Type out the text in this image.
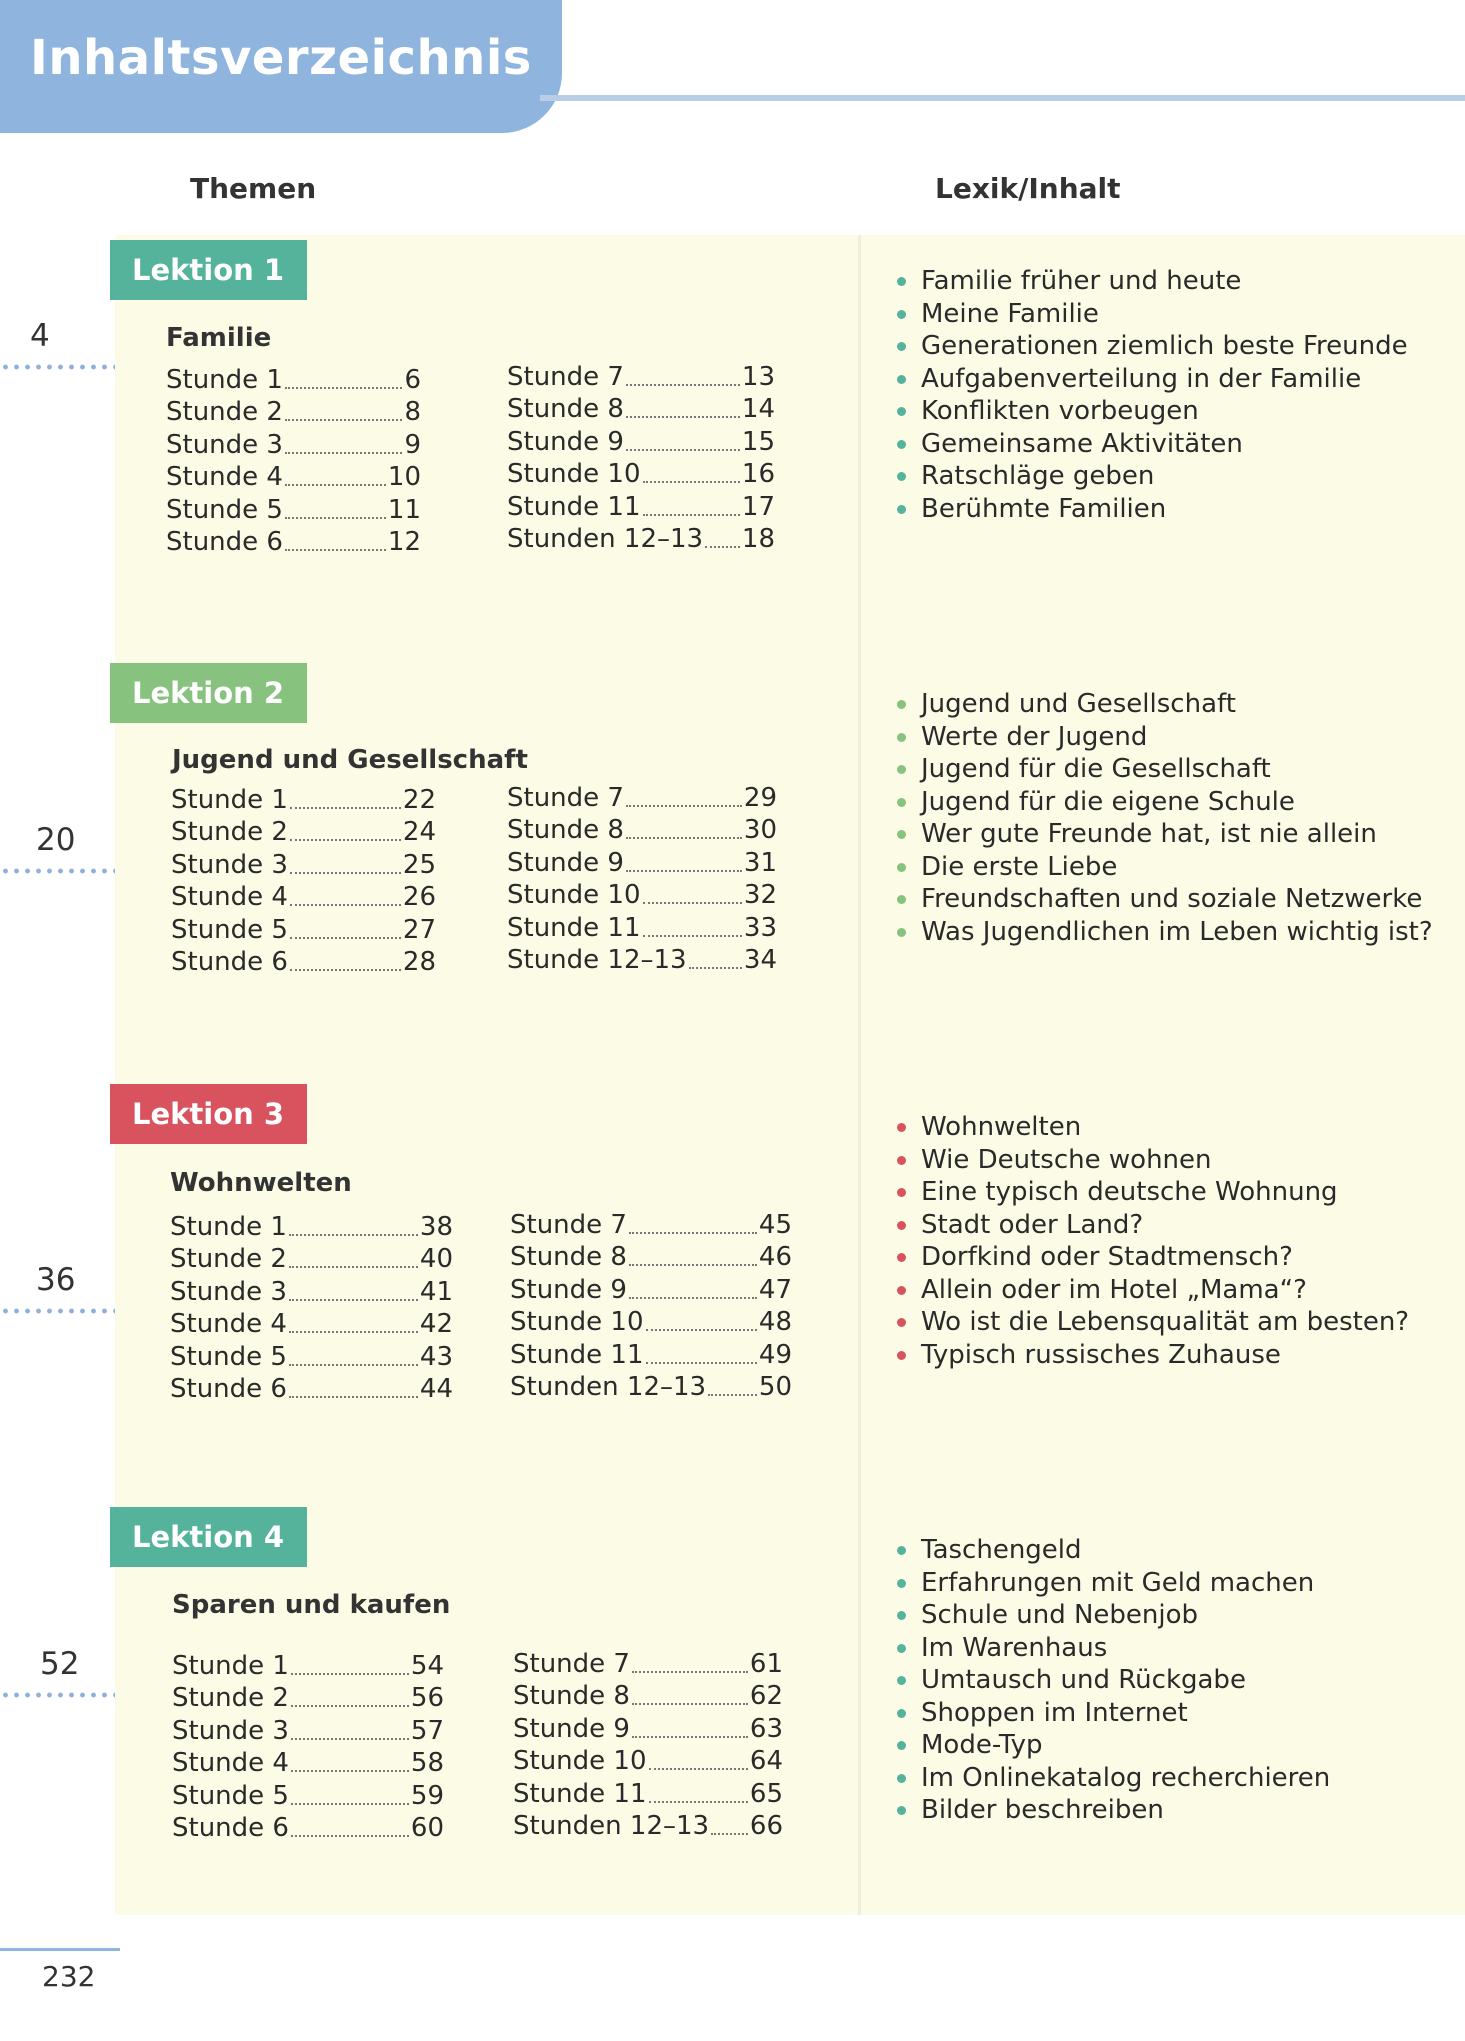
Inhaltsverzeichnis
Themen	Lexik/Inhalt
Lektion 1
4	Familie
Stunde 1	6
Stunde 2	8
Stunde 3	9
Stunde 4	10
Stunde 5	11
Stunde 6	12
Stunde 7	13
Stunde 8	14
Stunde 9	15
Stunde 10	16
Stunde 11	17
Stunden 12–13 18
Familie früher und heute
Meine Familie
Generationen ziemlich beste Freunde
Aufgabenverteilung in der Familie
Konflikten vorbeugen
Gemeinsame Aktivitäten
Ratschläge geben
Berühmte Familien
Lektion 2
20
Jugend und Gesellschaft
Stunde 1	22
Stunde 2	24
Stunde 3	25
Stunde 4	26
Stunde 5	27
Stunde 6	28
Stunde 7	29
Stunde 8	30
Stunde 9	31
Stunde 10	32
Stunde 11	33
Stunde 12–13 34
Jugend und Gesellschaft
Werte der Jugend
Jugend für die Gesellschaft
Jugend für die eigene Schule
Wer gute Freunde hat, ist nie allein
Die erste Liebe
Freundschaften und soziale Netzwerke
Was Jugendlichen im Leben wichtig ist?
Lektion 3
36
Wohnwelten
Stunde 1	38
Stunde 2	40
Stunde 3	41
Stunde 4	42
Stunde 5	43
Stunde 6	44
Stunde 7	45
Stunde 8	46
Stunde 9	47
Stunde 10	48
Stunde 11	49
Stunden 12–13 50
Wohnwelten
Wie Deutsche wohnen
Eine typisch deutsche Wohnung
Stadt oder Land?
Dorfkind oder Stadtmensch?
Allein oder im Hotel „Mama“?
Wo ist die Lebensqualität am besten?
Typisch russisches Zuhause
Lektion 4
52
Sparen und kaufen
Stunde 1	54
Stunde 2	56
Stunde 3	57
Stunde 4	58
Stunde 5	59
Stunde 6	60
Stunde 7	61
Stunde 8	62
Stunde 9	63
Stunde 10	64
Stunde 11	65
Stunden 12–13 66
Taschengeld
Erfahrungen mit Geld machen
Schule und Nebenjob
Im Warenhaus
Umtausch und Rückgabe
Shoppen im Internet
Mode-Typ
Im Onlinekatalog recherchieren
Bilder beschreiben
232
